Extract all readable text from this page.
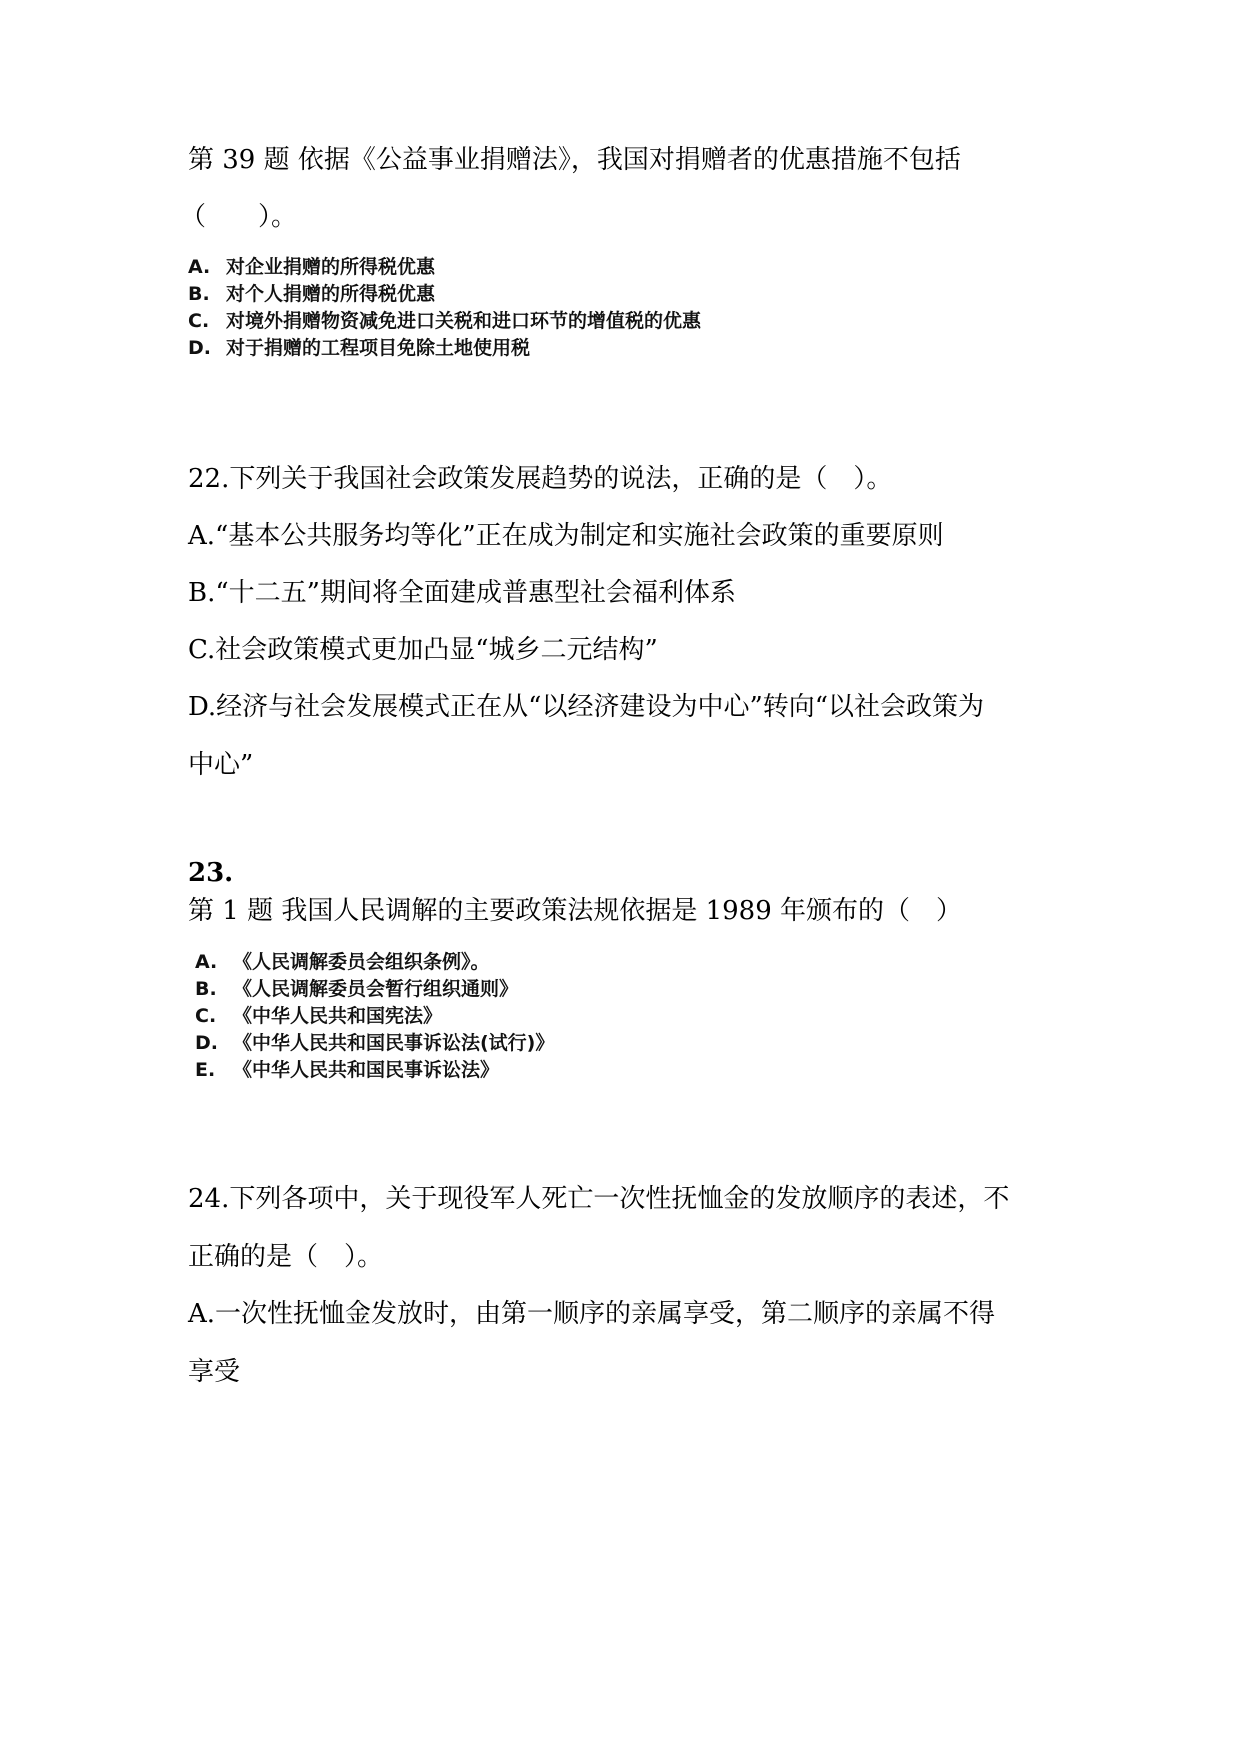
第 39 题 依据《公益事业捐赠法》，我国对捐赠者的优惠措施不包括
（　　）。
A. 对企业捐赠的所得税优惠
B. 对个人捐赠的所得税优惠
C. 对境外捐赠物资减免进口关税和进口环节的增值税的优惠
D. 对于捐赠的工程项目免除土地使用税
22.下列关于我国社会政策发展趋势的说法，正确的是（　）。
A.“基本公共服务均等化”正在成为制定和实施社会政策的重要原则
B.“十二五”期间将全面建成普惠型社会福利体系
C.社会政策模式更加凸显“城乡二元结构”
D.经济与社会发展模式正在从“以经济建设为中心”转向“以社会政策为
中心”
23.
第 1 题 我国人民调解的主要政策法规依据是 1989 年颁布的（　）
A. 《人民调解委员会组织条例》。
B. 《人民调解委员会暂行组织通则》
C. 《中华人民共和国宪法》
D. 《中华人民共和国民事诉讼法(试行)》
E. 《中华人民共和国民事诉讼法》
24.下列各项中，关于现役军人死亡一次性抚恤金的发放顺序的表述，不
正确的是（　）。
A.一次性抚恤金发放时，由第一顺序的亲属享受，第二顺序的亲属不得
享受
